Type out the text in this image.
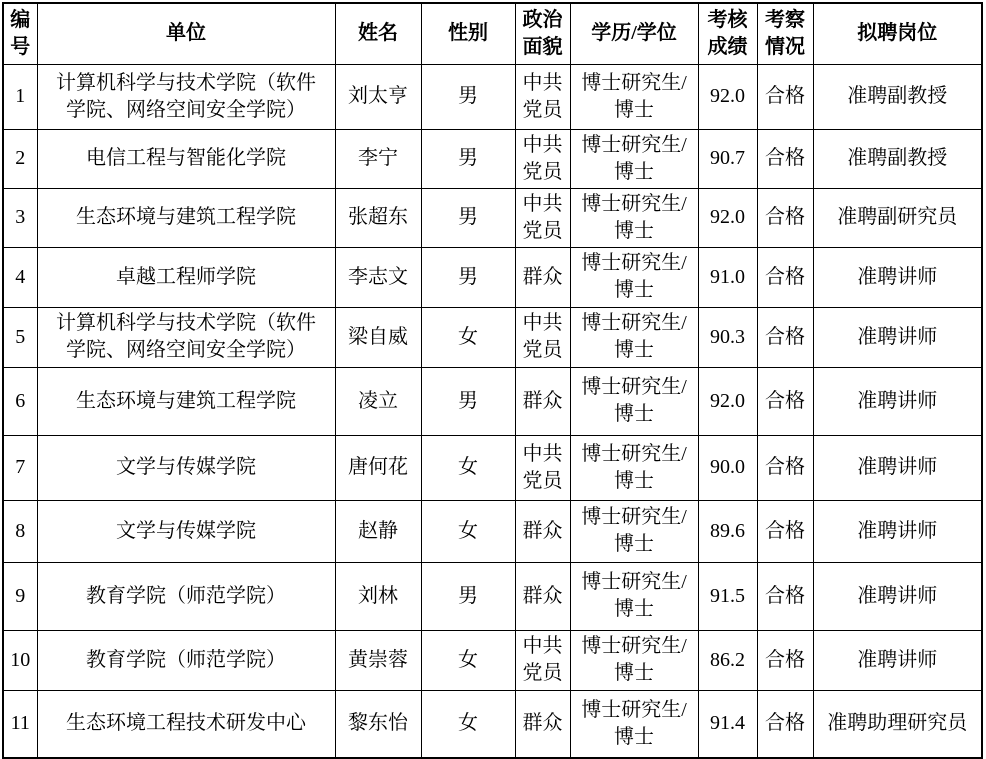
编号	单位	姓名	性别	政治面貌	学历/学位	考核成绩	考察情况	拟聘岗位
1	计算机科学与技术学院（软件学院、网络空间安全学院）	刘太亨	男	中共党员	博士研究生/博士	92.0	合格	准聘副教授
2	电信工程与智能化学院	李宁	男	中共党员	博士研究生/博士	90.7	合格	准聘副教授
3	生态环境与建筑工程学院	张超东	男	中共党员	博士研究生/博士	92.0	合格	准聘副研究员
4	卓越工程师学院	李志文	男	群众	博士研究生/博士	91.0	合格	准聘讲师
5	计算机科学与技术学院（软件学院、网络空间安全学院）	梁自威	女	中共党员	博士研究生/博士	90.3	合格	准聘讲师
6	生态环境与建筑工程学院	凌立	男	群众	博士研究生/博士	92.0	合格	准聘讲师
7	文学与传媒学院	唐何花	女	中共党员	博士研究生/博士	90.0	合格	准聘讲师
8	文学与传媒学院	赵静	女	群众	博士研究生/博士	89.6	合格	准聘讲师
9	教育学院（师范学院）	刘林	男	群众	博士研究生/博士	91.5	合格	准聘讲师
10	教育学院（师范学院）	黄崇蓉	女	中共党员	博士研究生/博士	86.2	合格	准聘讲师
11	生态环境工程技术研发中心	黎东怡	女	群众	博士研究生/博士	91.4	合格	准聘助理研究员
